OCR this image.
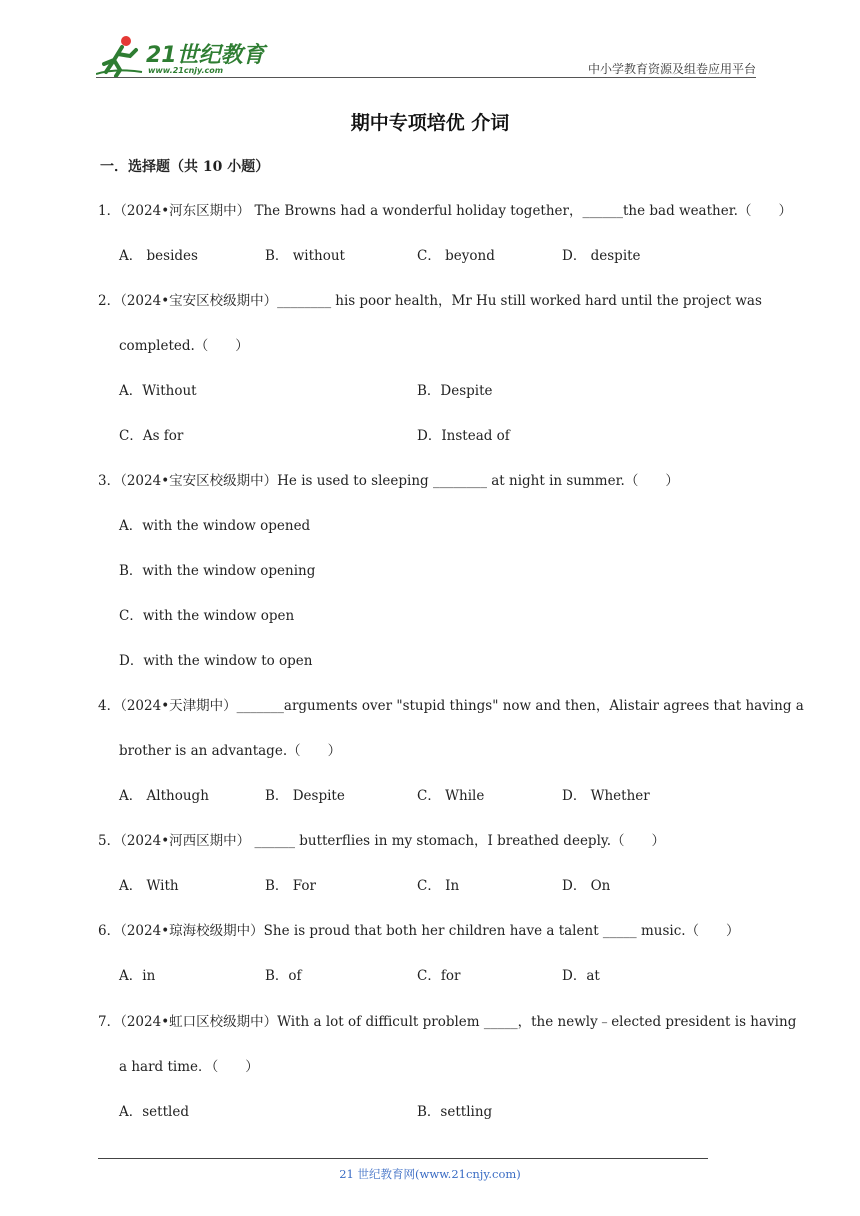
21世纪教育
www.21cnjy.com	中小学教育资源及组卷应用平台
期中专项培优 介词
一．选择题（共 10 小题）
1．（2024•河东区期中） The Browns had a wonderful holiday together，______the bad weather.（　　）
A． besides	B． without	C． beyond	D． despite
2．（2024•宝安区校级期中）________ his poor health，Mr Hu still worked hard until the project was
completed.（　　）
A．Without	B．Despite
C．As for	D．Instead of
3．（2024•宝安区校级期中）He is used to sleeping ________ at night in summer.（　　）
A．with the window opened
B．with the window opening
C．with the window open
D．with the window to open
4．（2024•天津期中）_______arguments over "stupid things" now and then，Alistair agrees that having a
brother is an advantage.（　　）
A． Although	B． Despite	C． While	D． Whether
5．（2024•河西区期中） ______ butterflies in my stomach，I breathed deeply.（　　）
A． With	B． For	C． In	D． On
6．（2024•琼海校级期中）She is proud that both her children have a talent _____ music.（　　）
A．in	B．of	C．for	D．at
7．（2024•虹口区校级期中）With a lot of difficult problem _____，the newly﹣elected president is having
a hard time．（　　）
A．settled	B．settling
21 世纪教育网(www.21cnjy.com)
